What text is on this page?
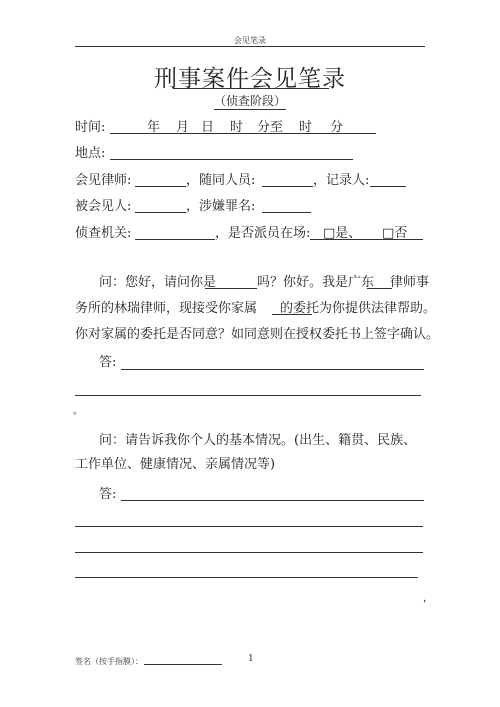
会见笔录
刑事案件会见笔录
（侦查阶段）
时间:	年 月 日 时 分至 时 分
地点:
会见律师:	，随同人员:	，记录人:
被会见人:	，涉嫌罪名:
侦查机关:	，是否派员在场: □是、 □否
问：您好，请问你是	吗？你好。我是广东 律师事
务所的林瑞律师，现接受你家属 的委托为你提供法律帮助。
你对家属的委托是否同意？如同意则在授权委托书上签字确认。
答:
。
问：请告诉我你个人的基本情况。(出生、籍贯、民族、工作单位、健康情况、亲属情况等)
答:
，
签名（按手指膜）：	1
